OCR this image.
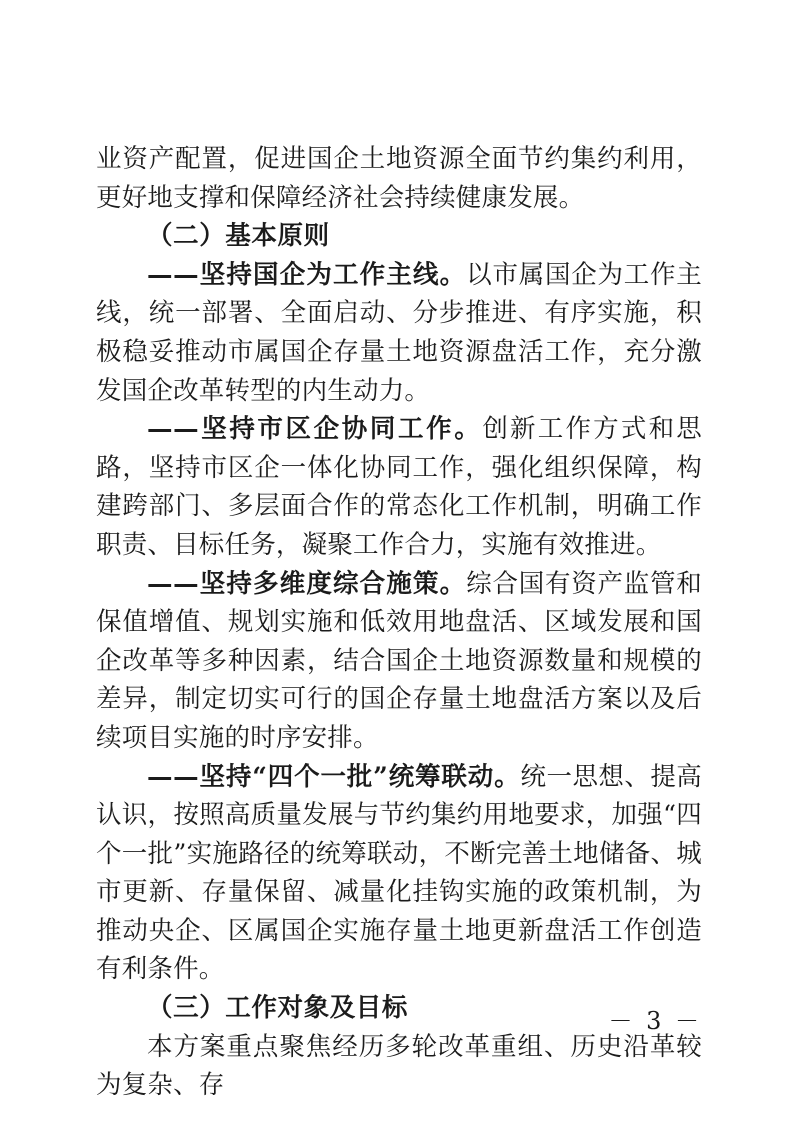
业资产配置，促进国企土地资源全面节约集约利用，更好地支撑和保障经济社会持续健康发展。

（二）基本原则

——坚持国企为工作主线。以市属国企为工作主线，统一部署、全面启动、分步推进、有序实施，积极稳妥推动市属国企存量土地资源盘活工作，充分激发国企改革转型的内生动力。

——坚持市区企协同工作。创新工作方式和思路，坚持市区企一体化协同工作，强化组织保障，构建跨部门、多层面合作的常态化工作机制，明确工作职责、目标任务，凝聚工作合力，实施有效推进。

——坚持多维度综合施策。综合国有资产监管和保值增值、规划实施和低效用地盘活、区域发展和国企改革等多种因素，结合国企土地资源数量和规模的差异，制定切实可行的国企存量土地盘活方案以及后续项目实施的时序安排。

——坚持“四个一批”统筹联动。统一思想、提高认识，按照高质量发展与节约集约用地要求，加强“四个一批”实施路径的统筹联动，不断完善土地储备、城市更新、存量保留、减量化挂钩实施的政策机制，为推动央企、区属国企实施存量土地更新盘活工作创造有利条件。

（三）工作对象及目标

本方案重点聚焦经历多轮改革重组、历史沿革较为复杂、存

－ 3 －
